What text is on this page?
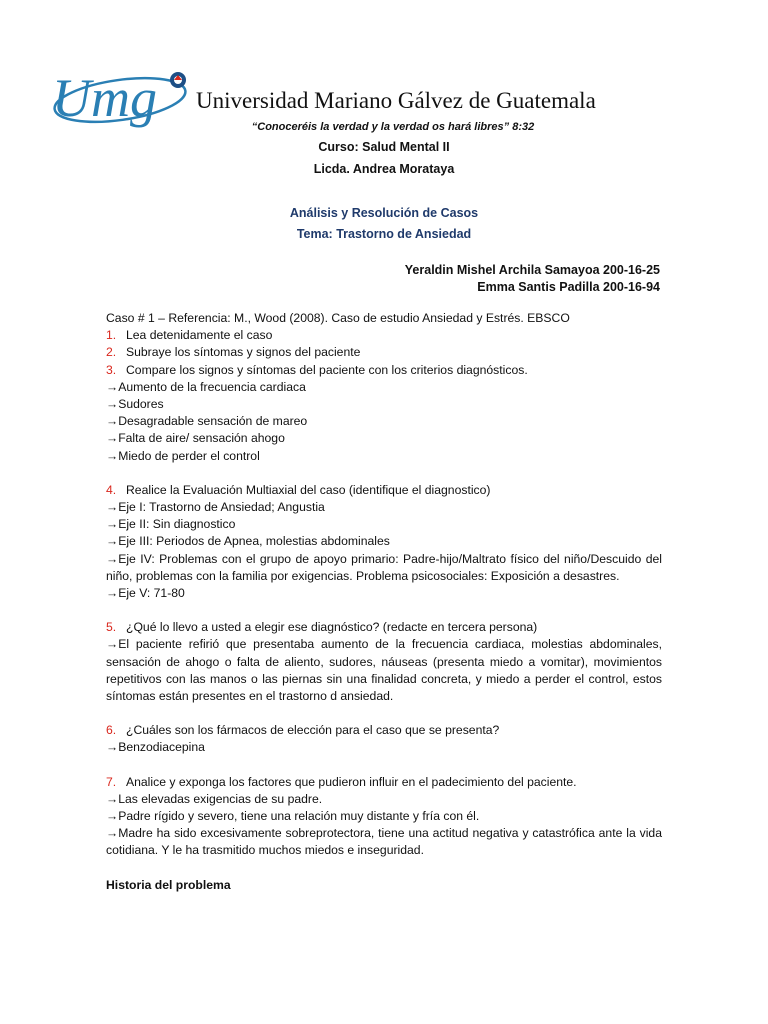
Umg Universidad Mariano Gálvez de Guatemala
“Conoceréis la verdad y la verdad os hará libres” 8:32
Curso: Salud Mental II
Licda. Andrea Morataya
Análisis y Resolución de Casos
Tema: Trastorno de Ansiedad
Yeraldin Mishel Archila Samayoa 200-16-25
Emma Santis Padilla 200-16-94
Caso # 1 – Referencia: M., Wood (2008). Caso de estudio Ansiedad y Estrés. EBSCO
1. Lea detenidamente el caso
2. Subraye los síntomas y signos del paciente
3. Compare los signos y síntomas del paciente con los criterios diagnósticos.
→Aumento de la frecuencia cardiaca
→Sudores
→Desagradable sensación de mareo
→Falta de aire/ sensación ahogo
→Miedo de perder el control
4. Realice la Evaluación Multiaxial del caso (identifique el diagnostico)
→Eje I: Trastorno de Ansiedad; Angustia
→Eje II: Sin diagnostico
→Eje III: Periodos de Apnea, molestias abdominales
→Eje IV: Problemas con el grupo de apoyo primario: Padre-hijo/Maltrato físico del niño/Descuido del niño, problemas con la familia por exigencias. Problema psicosociales: Exposición a desastres.
→Eje V: 71-80
5. ¿Qué lo llevo a usted a elegir ese diagnóstico? (redacte en tercera persona)
→El paciente refirió que presentaba aumento de la frecuencia cardiaca, molestias abdominales, sensación de ahogo o falta de aliento, sudores, náuseas (presenta miedo a vomitar), movimientos repetitivos con las manos o las piernas sin una finalidad concreta, y miedo a perder el control, estos síntomas están presentes en el trastorno d ansiedad.
6. ¿Cuáles son los fármacos de elección para el caso que se presenta?
→Benzodiacepina
7. Analice y exponga los factores que pudieron influir en el padecimiento del paciente.
→Las elevadas exigencias de su padre.
→Padre rígido y severo, tiene una relación muy distante y fría con él.
→Madre ha sido excesivamente sobreprotectora, tiene una actitud negativa y catastrófica ante la vida cotidiana. Y le ha trasmitido muchos miedos e inseguridad.
Historia del problema
